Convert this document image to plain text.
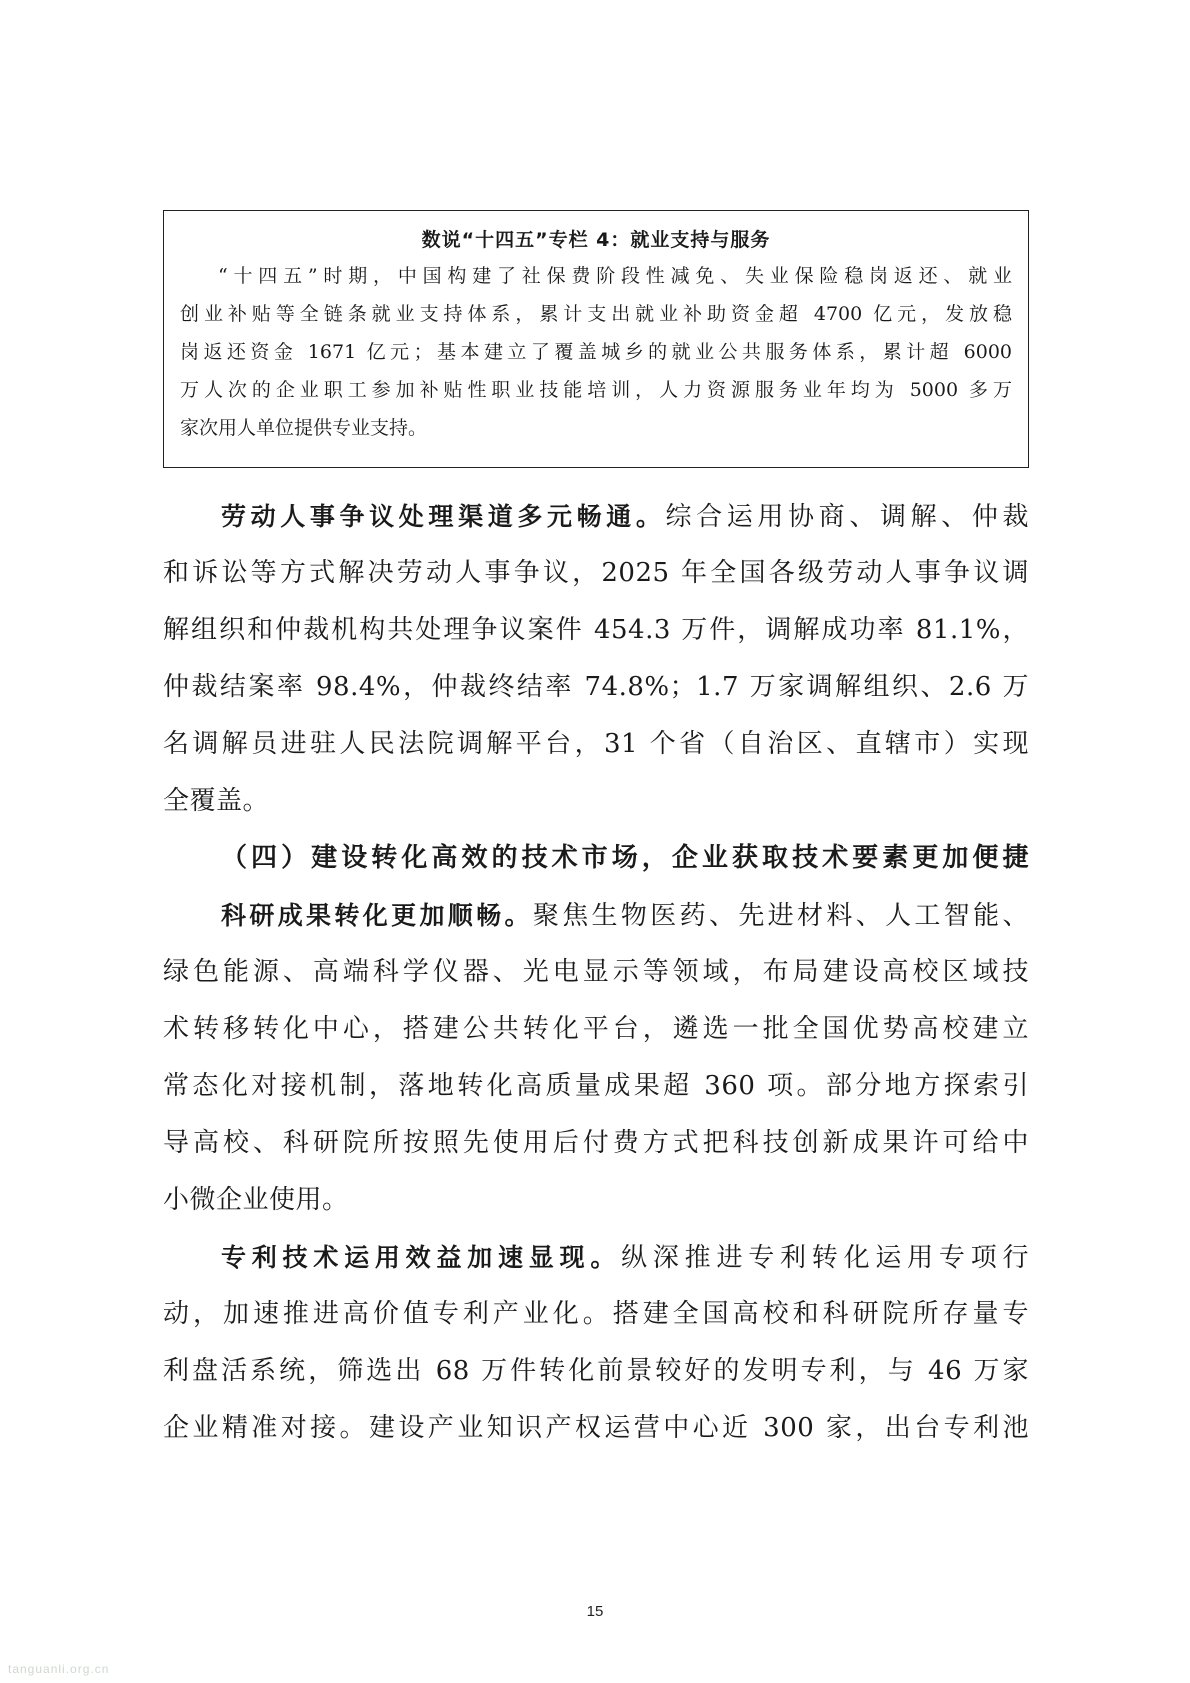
数说“十四五”专栏 4：就业支持与服务
“十四五”时期，中国构建了社保费阶段性减免、失业保险稳岗返还、就业
创业补贴等全链条就业支持体系，累计支出就业补助资金超 4700 亿元，发放稳
岗返还资金 1671 亿元；基本建立了覆盖城乡的就业公共服务体系，累计超 6000
万人次的企业职工参加补贴性职业技能培训，人力资源服务业年均为 5000 多万
家次用人单位提供专业支持。
劳动人事争议处理渠道多元畅通。综合运用协商、调解、仲裁
和诉讼等方式解决劳动人事争议，2025 年全国各级劳动人事争议调
解组织和仲裁机构共处理争议案件 454.3 万件，调解成功率 81.1%，
仲裁结案率 98.4%，仲裁终结率 74.8%；1.7 万家调解组织、2.6 万
名调解员进驻人民法院调解平台，31 个省（自治区、直辖市）实现
全覆盖。
（四）建设转化高效的技术市场，企业获取技术要素更加便捷
科研成果转化更加顺畅。聚焦生物医药、先进材料、人工智能、
绿色能源、高端科学仪器、光电显示等领域，布局建设高校区域技
术转移转化中心，搭建公共转化平台，遴选一批全国优势高校建立
常态化对接机制，落地转化高质量成果超 360 项。部分地方探索引
导高校、科研院所按照先使用后付费方式把科技创新成果许可给中
小微企业使用。
专利技术运用效益加速显现。纵深推进专利转化运用专项行
动，加速推进高价值专利产业化。搭建全国高校和科研院所存量专
利盘活系统，筛选出 68 万件转化前景较好的发明专利，与 46 万家
企业精准对接。建设产业知识产权运营中心近 300 家，出台专利池
15
tanguanli.org.cn
